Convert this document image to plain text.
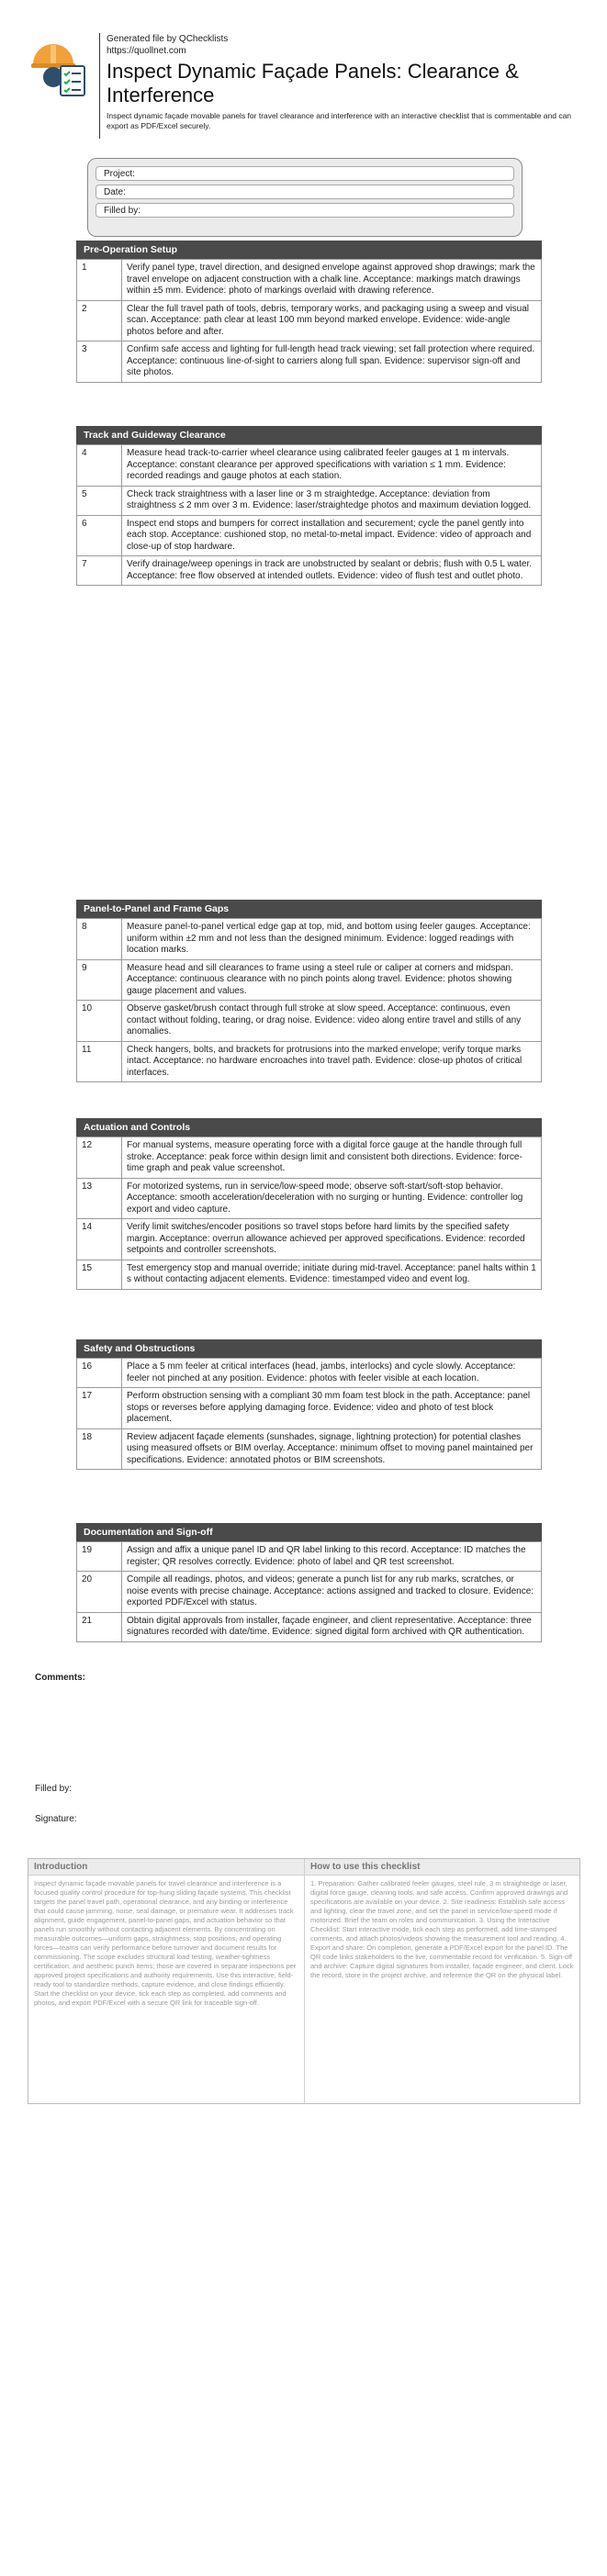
Generated file by QChecklists
https://quollnet.com
Inspect Dynamic Façade Panels: Clearance & Interference
Inspect dynamic façade movable panels for travel clearance and interference with an interactive checklist that is commentable and can export as PDF/Excel securely.
Project:
Date:
Filled by:
Pre-Operation Setup
1	Verify panel type, travel direction, and designed envelope against approved shop drawings; mark the travel envelope on adjacent construction with a chalk line. Acceptance: markings match drawings within ±5 mm. Evidence: photo of markings overlaid with drawing reference.
2	Clear the full travel path of tools, debris, temporary works, and packaging using a sweep and visual scan. Acceptance: path clear at least 100 mm beyond marked envelope. Evidence: wide-angle photos before and after.
3	Confirm safe access and lighting for full-length head track viewing; set fall protection where required. Acceptance: continuous line-of-sight to carriers along full span. Evidence: supervisor sign-off and site photos.
Track and Guideway Clearance
4	Measure head track-to-carrier wheel clearance using calibrated feeler gauges at 1 m intervals. Acceptance: constant clearance per approved specifications with variation ≤ 1 mm. Evidence: recorded readings and gauge photos at each station.
5	Check track straightness with a laser line or 3 m straightedge. Acceptance: deviation from straightness ≤ 2 mm over 3 m. Evidence: laser/straightedge photos and maximum deviation logged.
6	Inspect end stops and bumpers for correct installation and securement; cycle the panel gently into each stop. Acceptance: cushioned stop, no metal-to-metal impact. Evidence: video of approach and close-up of stop hardware.
7	Verify drainage/weep openings in track are unobstructed by sealant or debris; flush with 0.5 L water. Acceptance: free flow observed at intended outlets. Evidence: video of flush test and outlet photo.
Panel-to-Panel and Frame Gaps
8	Measure panel-to-panel vertical edge gap at top, mid, and bottom using feeler gauges. Acceptance: uniform within ±2 mm and not less than the designed minimum. Evidence: logged readings with location marks.
9	Measure head and sill clearances to frame using a steel rule or caliper at corners and midspan. Acceptance: continuous clearance with no pinch points along travel. Evidence: photos showing gauge placement and values.
10	Observe gasket/brush contact through full stroke at slow speed. Acceptance: continuous, even contact without folding, tearing, or drag noise. Evidence: video along entire travel and stills of any anomalies.
11	Check hangers, bolts, and brackets for protrusions into the marked envelope; verify torque marks intact. Acceptance: no hardware encroaches into travel path. Evidence: close-up photos of critical interfaces.
Actuation and Controls
12	For manual systems, measure operating force with a digital force gauge at the handle through full stroke. Acceptance: peak force within design limit and consistent both directions. Evidence: force-time graph and peak value screenshot.
13	For motorized systems, run in service/low-speed mode; observe soft-start/soft-stop behavior. Acceptance: smooth acceleration/deceleration with no surging or hunting. Evidence: controller log export and video capture.
14	Verify limit switches/encoder positions so travel stops before hard limits by the specified safety margin. Acceptance: overrun allowance achieved per approved specifications. Evidence: recorded setpoints and controller screenshots.
15	Test emergency stop and manual override; initiate during mid-travel. Acceptance: panel halts within 1 s without contacting adjacent elements. Evidence: timestamped video and event log.
Safety and Obstructions
16	Place a 5 mm feeler at critical interfaces (head, jambs, interlocks) and cycle slowly. Acceptance: feeler not pinched at any position. Evidence: photos with feeler visible at each location.
17	Perform obstruction sensing with a compliant 30 mm foam test block in the path. Acceptance: panel stops or reverses before applying damaging force. Evidence: video and photo of test block placement.
18	Review adjacent façade elements (sunshades, signage, lightning protection) for potential clashes using measured offsets or BIM overlay. Acceptance: minimum offset to moving panel maintained per specifications. Evidence: annotated photos or BIM screenshots.
Documentation and Sign-off
19	Assign and affix a unique panel ID and QR label linking to this record. Acceptance: ID matches the register; QR resolves correctly. Evidence: photo of label and QR test screenshot.
20	Compile all readings, photos, and videos; generate a punch list for any rub marks, scratches, or noise events with precise chainage. Acceptance: actions assigned and tracked to closure. Evidence: exported PDF/Excel with status.
21	Obtain digital approvals from installer, façade engineer, and client representative. Acceptance: three signatures recorded with date/time. Evidence: signed digital form archived with QR authentication.
Comments:
Filled by:
Signature:
Introduction
Inspect dynamic façade movable panels for travel clearance and interference is a focused quality control procedure for top-hung sliding façade systems. This checklist targets the panel travel path, operational clearance, and any binding or interference that could cause jamming, noise, seal damage, or premature wear. It addresses track alignment, guide engagement, panel-to-panel gaps, and actuation behavior so that panels run smoothly without contacting adjacent elements. By concentrating on measurable outcomes—uniform gaps, straightness, stop positions, and operating forces—teams can verify performance before turnover and document results for commissioning. The scope excludes structural load testing, weather-tightness certification, and aesthetic punch items; those are covered in separate inspections per approved project specifications and authority requirements. Use this interactive, field-ready tool to standardize methods, capture evidence, and close findings efficiently. Start the checklist on your device, tick each step as completed, add comments and photos, and export PDF/Excel with a secure QR link for traceable sign-off.
How to use this checklist
1. Preparation: Gather calibrated feeler gauges, steel rule, 3 m straightedge or laser, digital force gauge, cleaning tools, and safe access. Confirm approved drawings and specifications are available on your device. 2. Site readiness: Establish safe access and lighting, clear the travel zone, and set the panel in service/low-speed mode if motorized. Brief the team on roles and communication. 3. Using the Interactive Checklist: Start interactive mode, tick each step as performed, add time-stamped comments, and attach photos/videos showing the measurement tool and reading. 4. Export and share: On completion, generate a PDF/Excel export for the panel ID. The QR code links stakeholders to the live, commentable record for verification. 5. Sign-off and archive: Capture digital signatures from installer, façade engineer, and client. Lock the record, store in the project archive, and reference the QR on the physical label.
